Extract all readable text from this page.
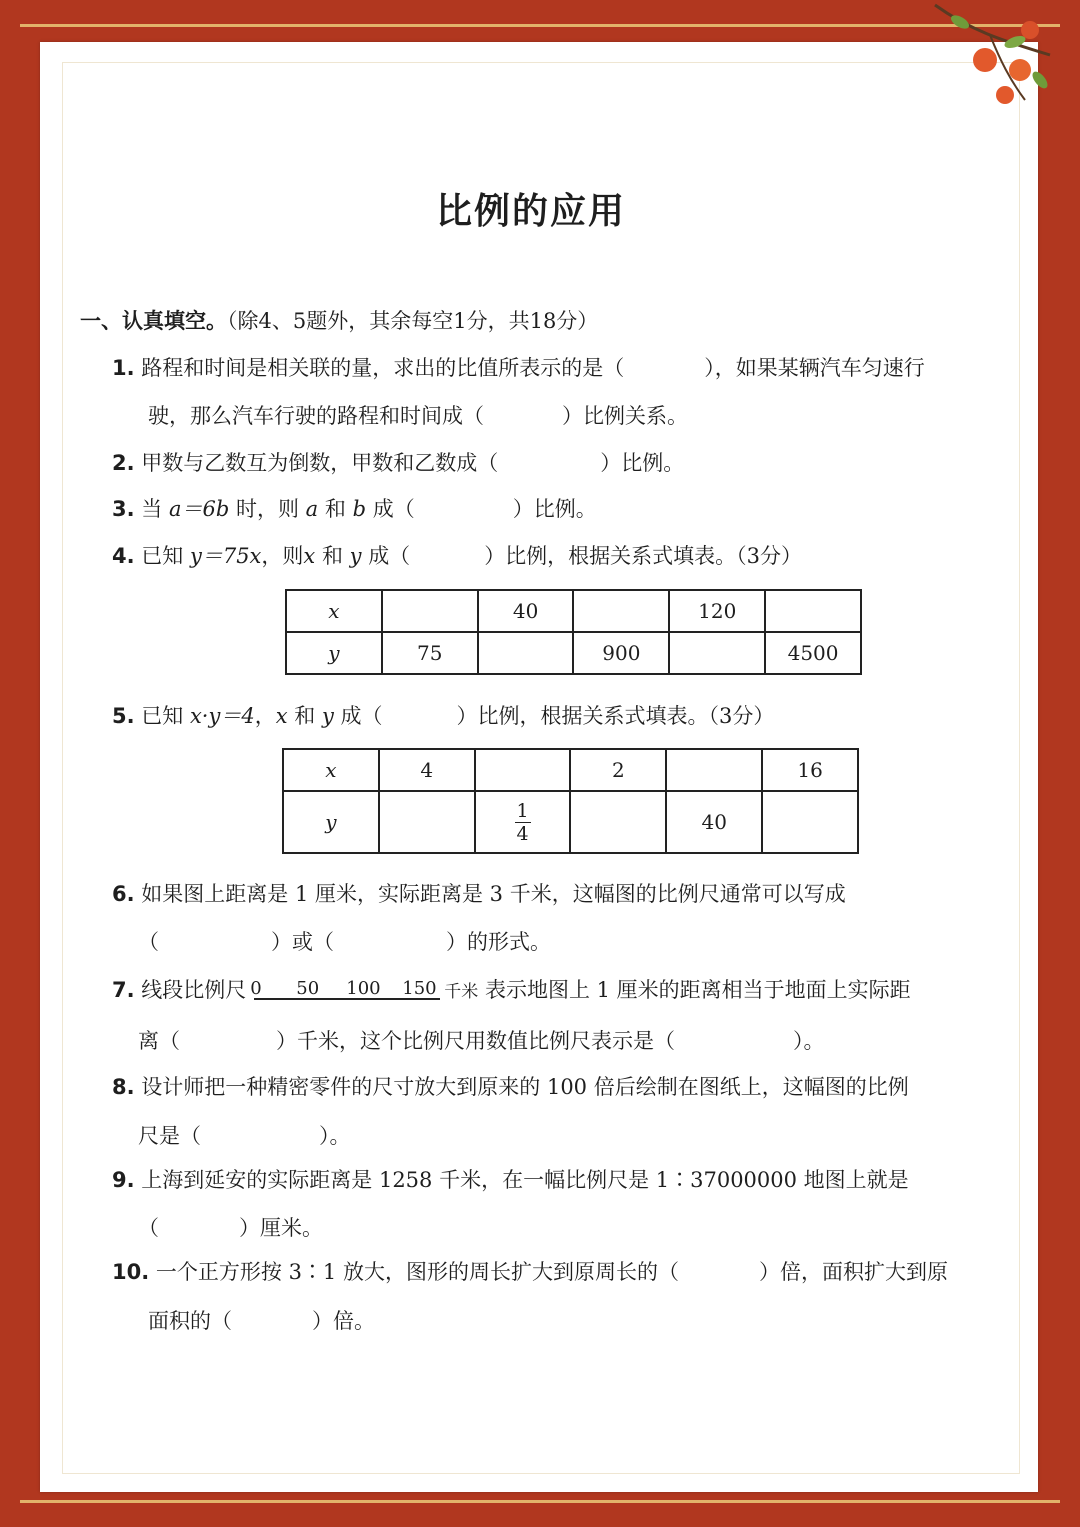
比例的应用
一、认真填空。（除4、5题外，其余每空1分，共18分）
1. 路程和时间是相关联的量，求出的比值所表示的是（	），如果某辆汽车匀速行
驶，那么汽车行驶的路程和时间成（	）比例关系。
2. 甲数与乙数互为倒数，甲数和乙数成（	）比例。
3. 当 a＝6b 时，则 a 和 b 成（	）比例。
4. 已知 y＝75x，则x 和 y 成（	）比例，根据关系式填表。（3分）
x		40		120	
y	75		900		4500
5. 已知 x·y＝4，x 和 y 成（	）比例，根据关系式填表。（3分）
x	4		2		16
y		$\frac{1}{4}$		40	
6. 如果图上距离是 1 厘米，实际距离是 3 千米，这幅图的比例尺通常可以写成
（	）或（	）的形式。
7. 线段比例尺 0 50 100 150 千米 表示地图上 1 厘米的距离相当于地面上实际距
离（	）千米，这个比例尺用数值比例尺表示是（	）。
8. 设计师把一种精密零件的尺寸放大到原来的 100 倍后绘制在图纸上，这幅图的比例
尺是（	）。
9. 上海到延安的实际距离是 1258 千米，在一幅比例尺是 1∶37000000 地图上就是
（	）厘米。
10. 一个正方形按 3∶1 放大，图形的周长扩大到原周长的（	）倍，面积扩大到原
面积的（	）倍。
